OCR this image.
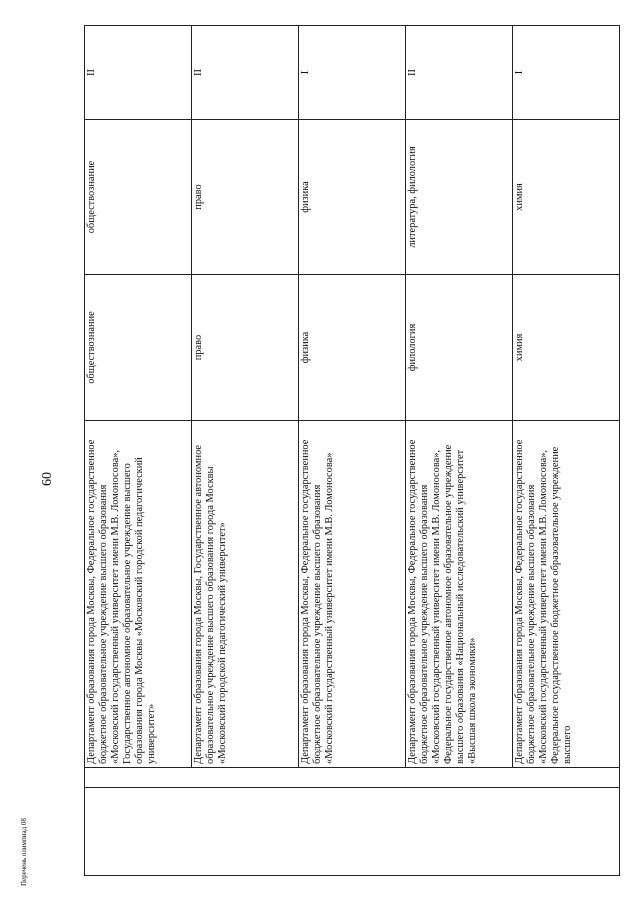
60
			Департамент образования города Москвы, Федеральное государственное бюджетное образовательное учреждение высшего образования «Московский государственный университет имени М.В. Ломоносова», Государственное автономное образовательное учреждение высшего образования города Москвы «Московский городской педагогический университет»	обществознание	обществознание	II
		Департамент образования города Москвы, Государственное автономное образовательное учреждение высшего образования города Москвы «Московский городской педагогический университет»	право	право	II
		Департамент образования города Москвы, Федеральное государственное бюджетное образовательное учреждение высшего образования «Московский государственный университет имени М.В. Ломоносова»	физика	физика	I
		Департамент образования города Москвы, Федеральное государственное бюджетное образовательное учреждение высшего образования «Московский государственный университет имени М.В. Ломоносова», Федеральное государственное автономное образовательное учреждение высшего образования «Национальный исследовательский университет «Высшая школа экономики»	филология	литература, филология	II
		Департамент образования города Москвы, Федеральное государственное бюджетное образовательное учреждение высшего образования «Московский государственный университет имени М.В. Ломоносова», Федеральное государственное бюджетное образовательное учреждение высшего	химия	химия	I
Перечень олимпиад 08
